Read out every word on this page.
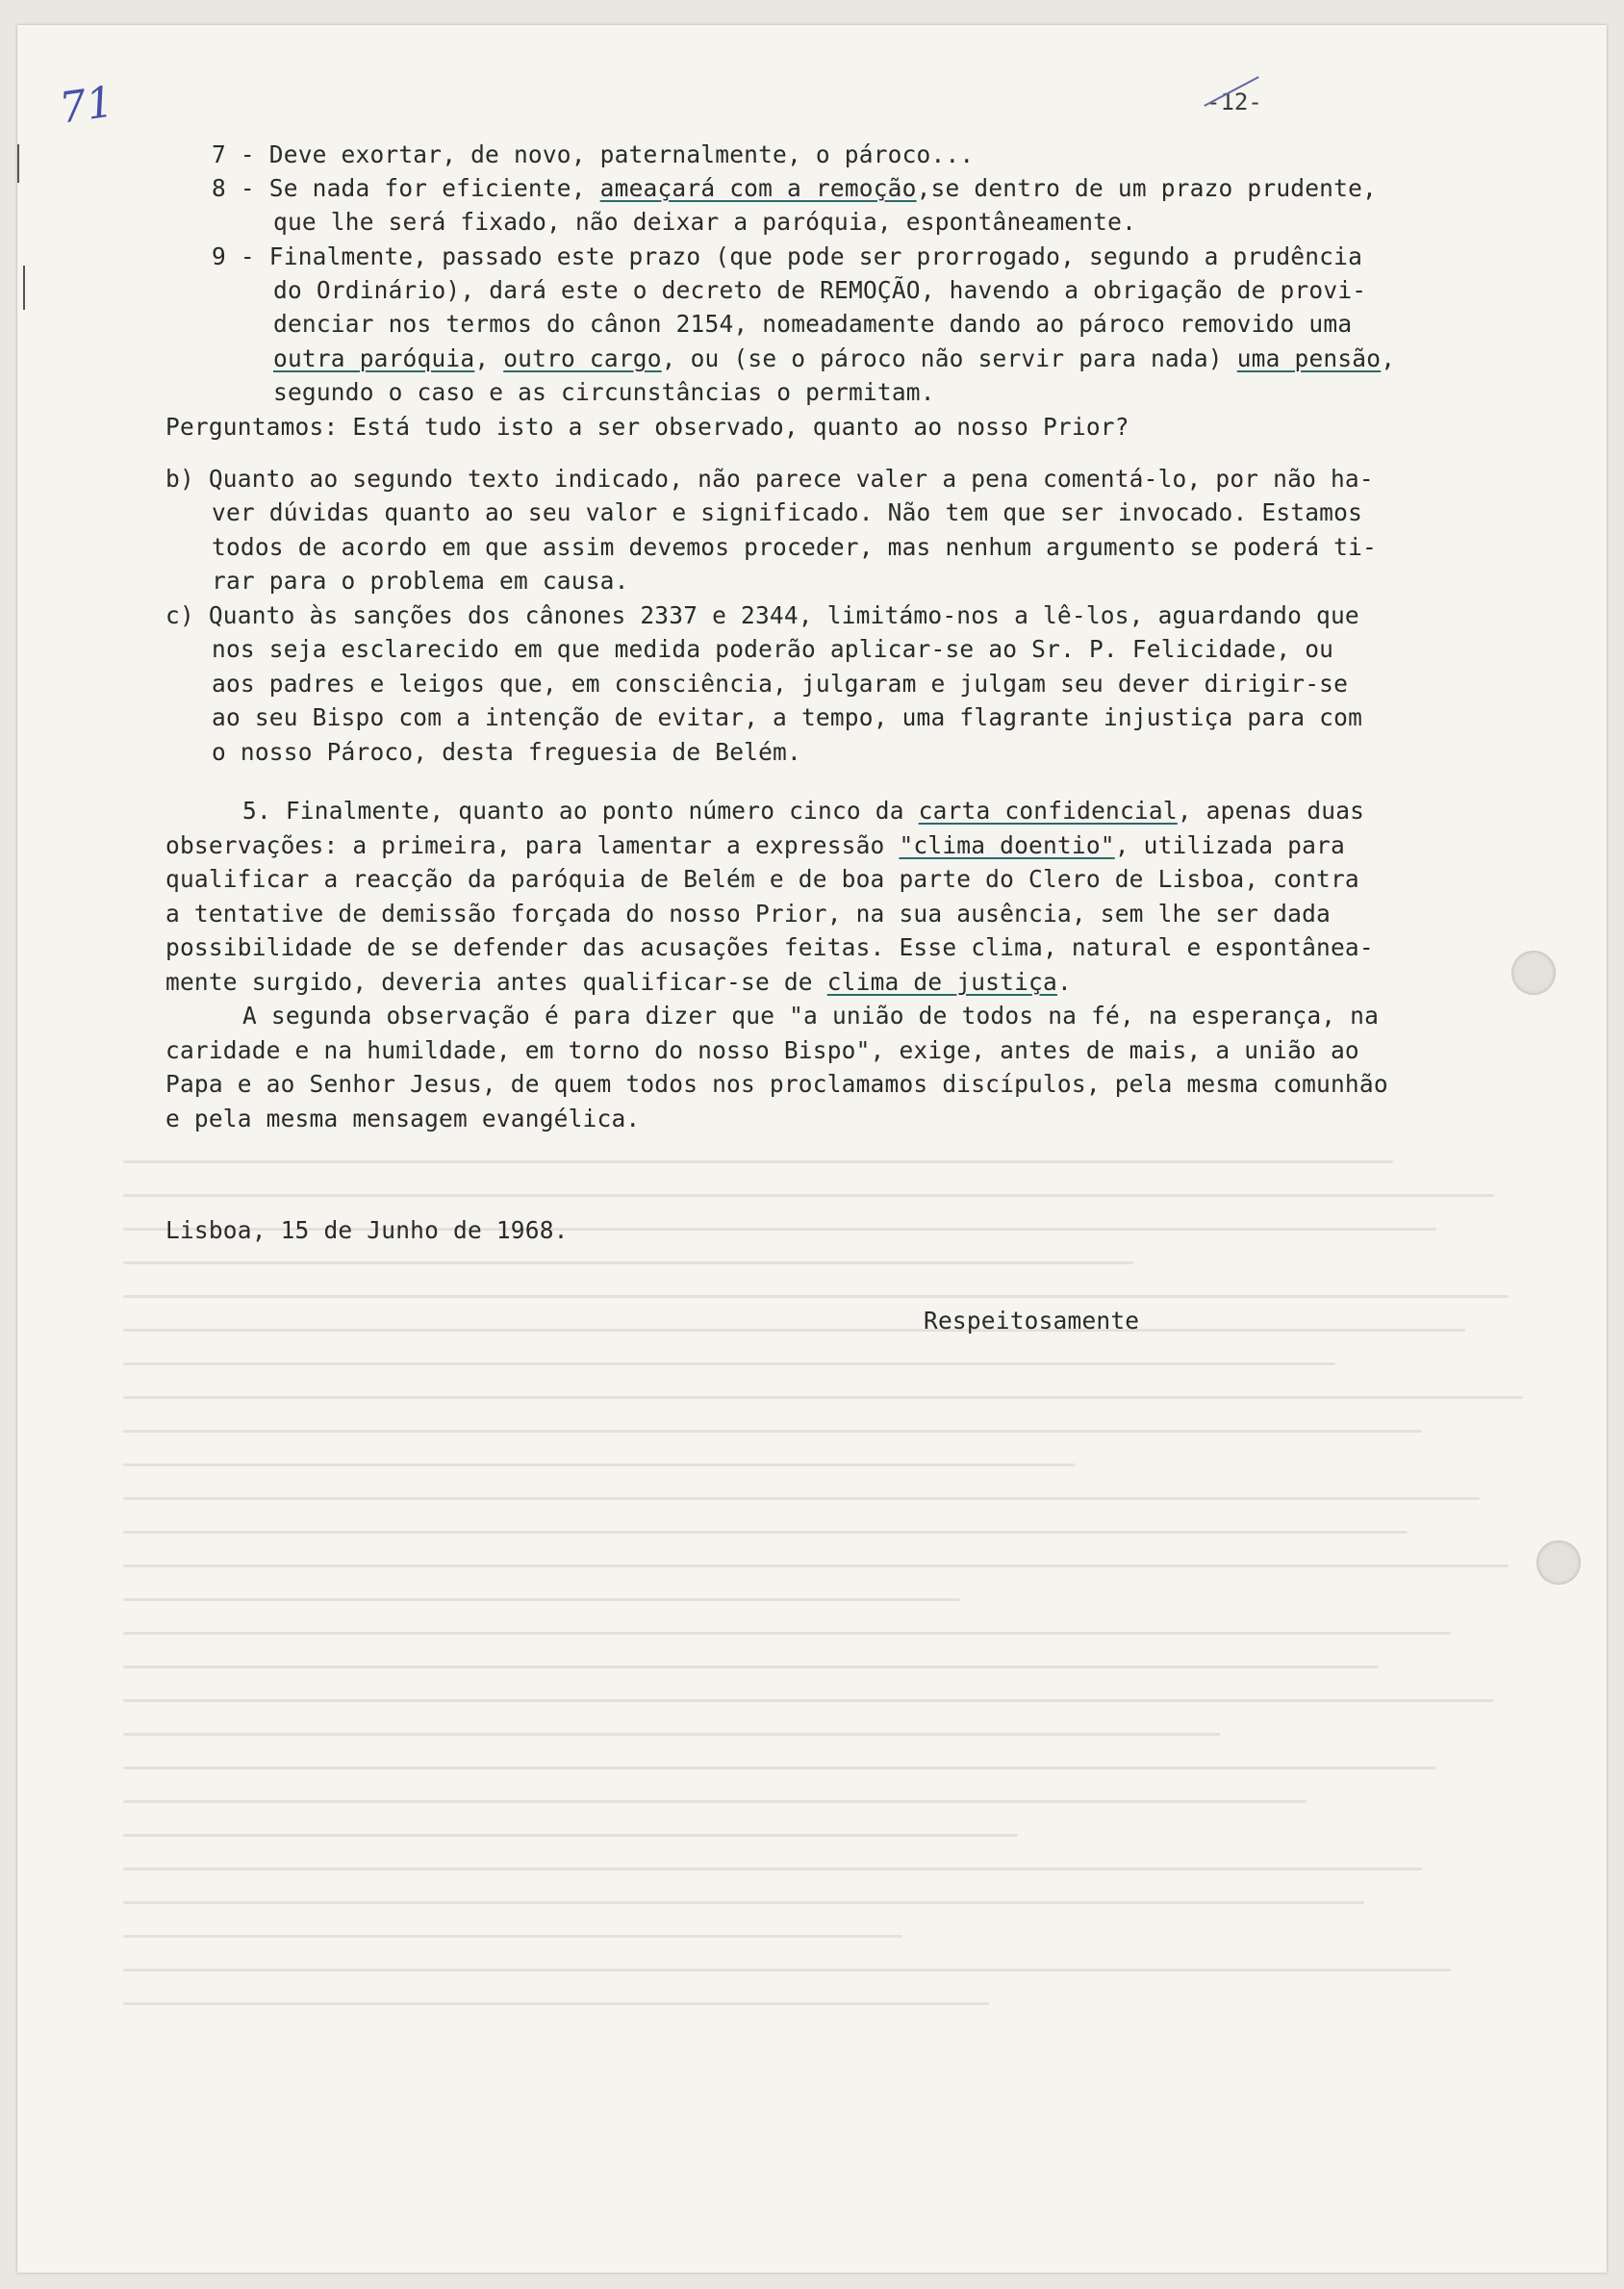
71	-12-
7 - Deve exortar, de novo, paternalmente, o pároco...
8 - Se nada for eficiente, ameaçará com a remoção,se dentro de um prazo prudente,
que lhe será fixado, não deixar a paróquia, espontâneamente.
9 - Finalmente, passado este prazo (que pode ser prorrogado, segundo a prudência
do Ordinário), dará este o decreto de REMOÇÃO, havendo a obrigação de provi-
denciar nos termos do cânon 2154, nomeadamente dando ao pároco removido uma
outra paróquia, outro cargo, ou (se o pároco não servir para nada) uma pensão,
segundo o caso e as circunstâncias o permitam.
Perguntamos: Está tudo isto a ser observado, quanto ao nosso Prior?
b) Quanto ao segundo texto indicado, não parece valer a pena comentá-lo, por não ha-
ver dúvidas quanto ao seu valor e significado. Não tem que ser invocado. Estamos
todos de acordo em que assim devemos proceder, mas nenhum argumento se poderá ti-
rar para o problema em causa.
c) Quanto às sanções dos cânones 2337 e 2344, limitámo-nos a lê-los, aguardando que
nos seja esclarecido em que medida poderão aplicar-se ao Sr. P. Felicidade, ou
aos padres e leigos que, em consciência, julgaram e julgam seu dever dirigir-se
ao seu Bispo com a intenção de evitar, a tempo, uma flagrante injustiça para com
o nosso Pároco, desta freguesia de Belém.
5. Finalmente, quanto ao ponto número cinco da carta confidencial, apenas duas
observações: a primeira, para lamentar a expressão "clima doentio", utilizada para
qualificar a reacção da paróquia de Belém e de boa parte do Clero de Lisboa, contra
a tentative de demissão forçada do nosso Prior, na sua ausência, sem lhe ser dada
possibilidade de se defender das acusações feitas. Esse clima, natural e espontânea-
mente surgido, deveria antes qualificar-se de clima de justiça.
A segunda observação é para dizer que "a união de todos na fé, na esperança, na
caridade e na humildade, em torno do nosso Bispo", exige, antes de mais, a união ao
Papa e ao Senhor Jesus, de quem todos nos proclamamos discípulos, pela mesma comunhão
e pela mesma mensagem evangélica.
Lisboa, 15 de Junho de 1968.
Respeitosamente
